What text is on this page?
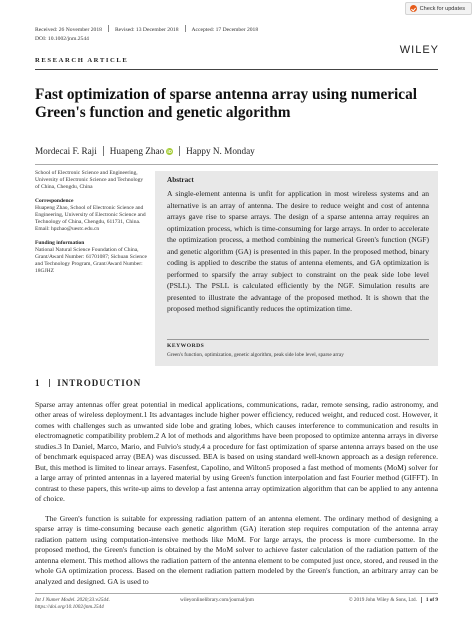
Received: 26 November 2018 Revised: 13 December 2018 Accepted: 17 December 2018
DOI: 10.1002/jnm.2544
Check for updates
WILEY
RESEARCH ARTICLE
Fast optimization of sparse antenna array using numerical Green's function and genetic algorithm
Mordecai F. Raji Huapeng Zhao iD Happy N. Monday
School of Electronic Science and Engineering, University of Electronic Science and Technology of China, Chengdu, China
Correspondence
Huapeng Zhao, School of Electronic Science and Engineering, University of Electronic Science and Technology of China, Chengdu, 611731, China. Email: hpzhao@uestc.edu.cn
Funding information
National Natural Science Foundation of China, Grant/Award Number: 61701087; Sichuan Science and Technology Program, Grant/Award Number: 18GJHZ
Abstract
A single-element antenna is unfit for application in most wireless systems and an alternative is an array of antenna. The desire to reduce weight and cost of antenna arrays gave rise to sparse arrays. The design of a sparse antenna array requires an optimization process, which is time-consuming for large arrays. In order to accelerate the optimization process, a method combining the numerical Green's function (NGF) and genetic algorithm (GA) is presented in this paper. In the proposed method, binary coding is applied to describe the status of antenna elements, and GA optimization is performed to sparsify the array subject to constraint on the peak side lobe level (PSLL). The PSLL is calculated efficiently by the NGF. Simulation results are presented to illustrate the advantage of the proposed method. It is shown that the proposed method significantly reduces the optimization time.
KEYWORDS
Green's function, optimization, genetic algorithm, peak side lobe level, sparse array
1 INTRODUCTION
Sparse array antennas offer great potential in medical applications, communications, radar, remote sensing, radio astronomy, and other areas of wireless deployment.1 Its advantages include higher power efficiency, reduced weight, and reduced cost. However, it comes with challenges such as unwanted side lobe and grating lobes, which causes interference to communication and results in electromagnetic compatibility problem.2 A lot of methods and algorithms have been proposed to optimize antenna arrays in diverse studies.3 In Daniel, Marco, Mario, and Fulvio's study,4 a procedure for fast optimization of sparse antenna arrays based on the use of benchmark equispaced array (BEA) was discussed. BEA is based on using standard well-known approach as a design reference. But, this method is limited to linear arrays. Fasenfest, Capolino, and Wilton5 proposed a fast method of moments (MoM) solver for a large array of printed antennas in a layered material by using Green's function interpolation and fast Fourier method (GIFFT). In contrast to these papers, this write-up aims to develop a fast antenna array optimization algorithm that can be applied to any antenna of choice.
The Green's function is suitable for expressing radiation pattern of an antenna element. The ordinary method of designing a sparse array is time-consuming because each genetic algorithm (GA) iteration step requires computation of the antenna array radiation pattern using computation-intensive methods like MoM. For large arrays, the process is more cumbersome. In the proposed method, the Green's function is obtained by the MoM solver to achieve faster calculation of the radiation pattern of the antenna element. This method allows the radiation pattern of the antenna element to be computed just once, stored, and reused in the whole GA optimization process. Based on the element radiation pattern modeled by the Green's function, an arbitrary array can be analyzed and designed. GA is used to
Int J Numer Model. 2020;33:e2544.
https://doi.org/10.1002/jnm.2544
wileyonlinelibrary.com/journal/jnm	© 2019 John Wiley & Sons, Ltd. 1 of 9
